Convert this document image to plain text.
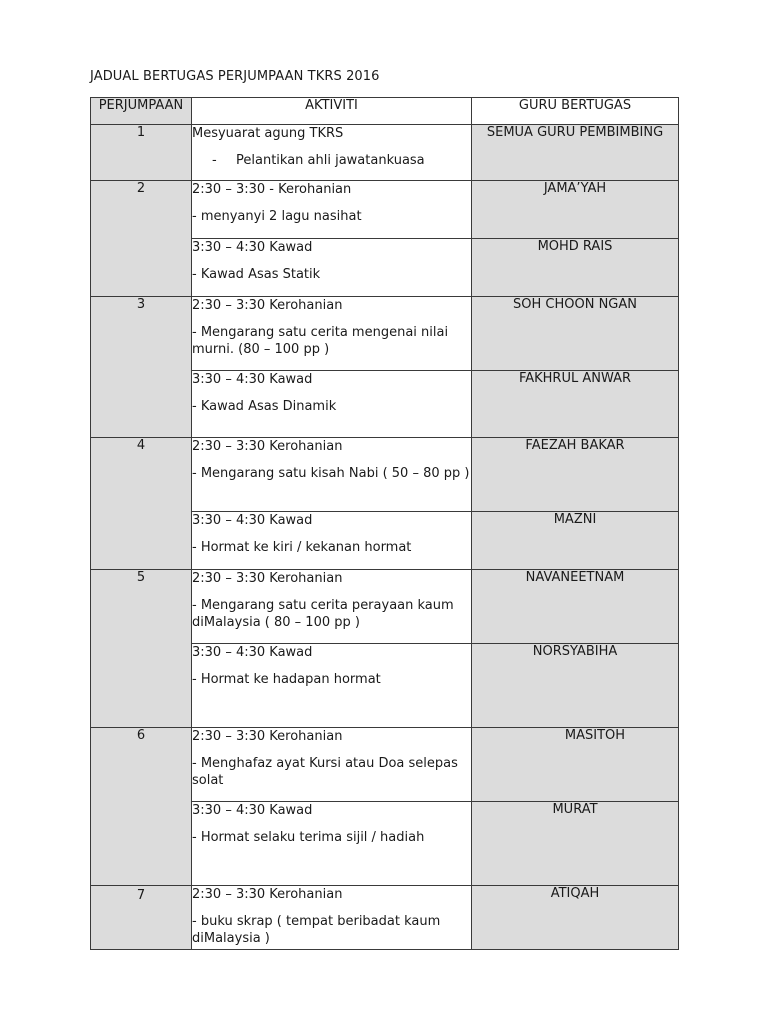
JADUAL BERTUGAS PERJUMPAAN TKRS 2016
PERJUMPAAN	AKTIVITI	GURU BERTUGAS
1	Mesyuarat agung TKRS
- Pelantikan ahli jawatankuasa	SEMUA GURU PEMBIMBING
2	2:30 – 3:30 - Kerohanian
- menyanyi 2 lagu nasihat	JAMA’YAH

	3:30 – 4:30 Kawad
- Kawad Asas Statik	MOHD RAIS
3	2:30 – 3:30 Kerohanian
- Mengarang satu cerita mengenai nilai murni. (80 – 100 pp )	SOH CHOON NGAN

	3:30 – 4:30 Kawad
- Kawad Asas Dinamik	FAKHRUL ANWAR
4	2:30 – 3:30 Kerohanian
- Mengarang satu kisah Nabi ( 50 – 80 pp )	FAEZAH BAKAR

	3:30 – 4:30 Kawad
- Hormat ke kiri / kekanan hormat	MAZNI
5	2:30 – 3:30 Kerohanian
- Mengarang satu cerita perayaan kaum diMalaysia ( 80 – 100 pp )	NAVANEETNAM

	3:30 – 4:30 Kawad
- Hormat ke hadapan hormat	NORSYABIHA
6	2:30 – 3:30 Kerohanian
- Menghafaz ayat Kursi atau Doa selepas solat	MASITOH

	3:30 – 4:30 Kawad
- Hormat selaku terima sijil / hadiah	MURAT
7	2:30 – 3:30 Kerohanian
- buku skrap ( tempat beribadat kaum diMalaysia )	ATIQAH
